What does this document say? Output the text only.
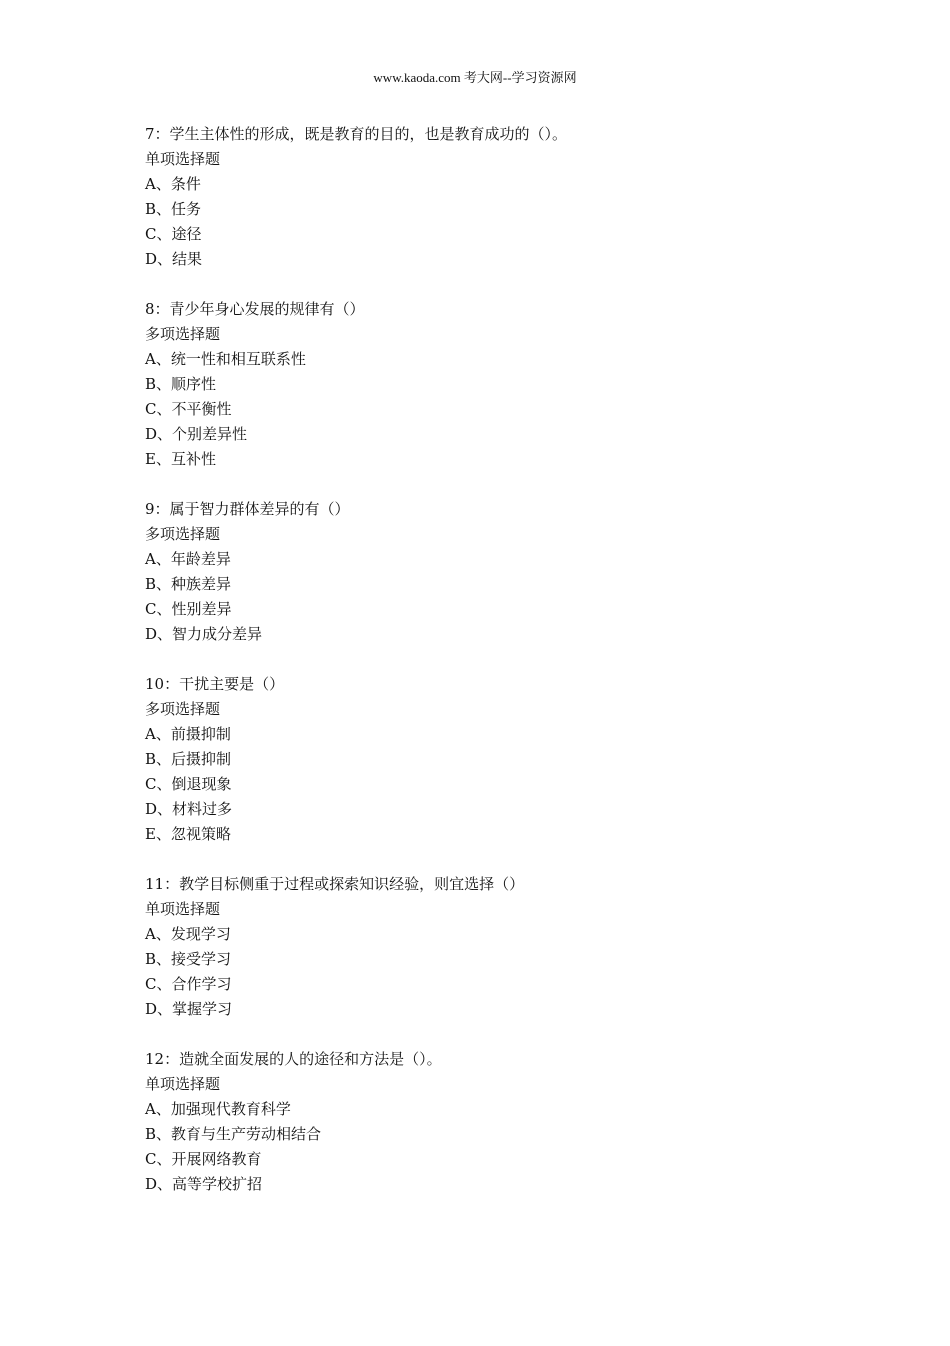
www.kaoda.com 考大网--学习资源网
7：学生主体性的形成，既是教育的目的，也是教育成功的（）。
单项选择题
A、条件
B、任务
C、途径
D、结果
8：青少年身心发展的规律有（）
多项选择题
A、统一性和相互联系性
B、顺序性
C、不平衡性
D、个别差异性
E、互补性
9：属于智力群体差异的有（）
多项选择题
A、年龄差异
B、种族差异
C、性别差异
D、智力成分差异
10：干扰主要是（）
多项选择题
A、前摄抑制
B、后摄抑制
C、倒退现象
D、材料过多
E、忽视策略
11：教学目标侧重于过程或探索知识经验，则宜选择（）
单项选择题
A、发现学习
B、接受学习
C、合作学习
D、掌握学习
12：造就全面发展的人的途径和方法是（）。
单项选择题
A、加强现代教育科学
B、教育与生产劳动相结合
C、开展网络教育
D、高等学校扩招
